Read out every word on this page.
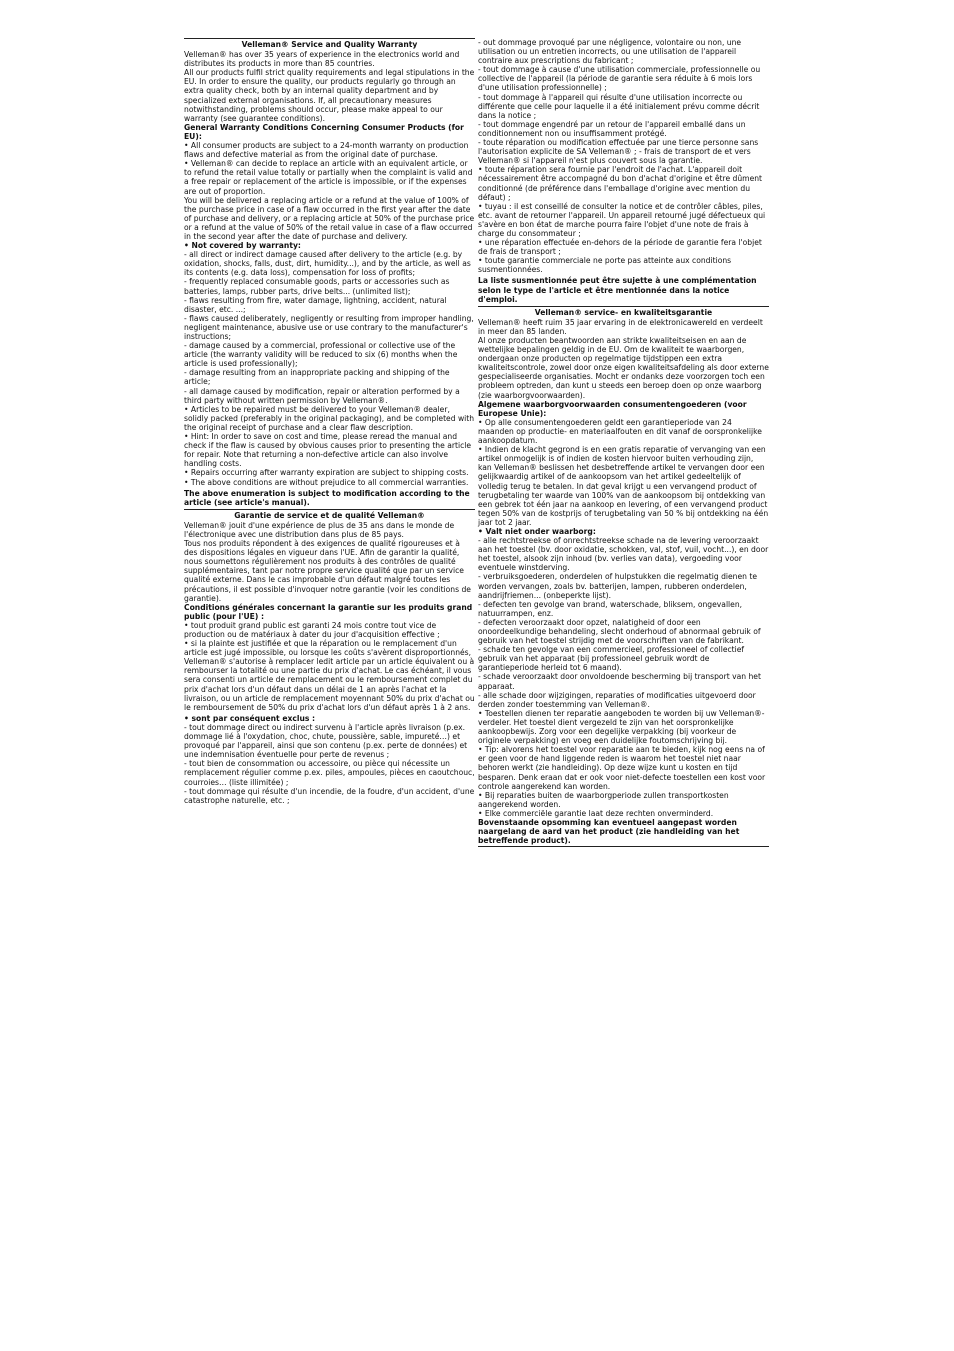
Velleman® Service and Quality Warranty

Velleman® has over 35 years of experience in the electronics world and distributes its products in more than 85 countries.

All our products fulfil strict quality requirements and legal stipulations in the EU. In order to ensure the quality, our products regularly go through an extra quality check, both by an internal quality department and by specialized external organisations. If, all precautionary measures notwithstanding, problems should occur, please make appeal to our warranty (see guarantee conditions).

General Warranty Conditions Concerning Consumer Products (for EU):

• All consumer products are subject to a 24-month warranty on production flaws and defective material as from the original date of purchase.

• Velleman® can decide to replace an article with an equivalent article, or to refund the retail value totally or partially when the complaint is valid and a free repair or replacement of the article is impossible, or if the expenses are out of proportion.

You will be delivered a replacing article or a refund at the value of 100% of the purchase price in case of a flaw occurred in the first year after the date of purchase and delivery, or a replacing article at 50% of the purchase price or a refund at the value of 50% of the retail value in case of a flaw occurred in the second year after the date of purchase and delivery.

• Not covered by warranty:

- all direct or indirect damage caused after delivery to the article (e.g. by oxidation, shocks, falls, dust, dirt, humidity...), and by the article, as well as its contents (e.g. data loss), compensation for loss of profits;

- frequently replaced consumable goods, parts or accessories such as batteries, lamps, rubber parts, drive belts... (unlimited list);

- flaws resulting from fire, water damage, lightning, accident, natural disaster, etc. ...;

- flaws caused deliberately, negligently or resulting from improper handling, negligent maintenance, abusive use or use contrary to the manufacturer's instructions;

- damage caused by a commercial, professional or collective use of the article (the warranty validity will be reduced to six (6) months when the article is used professionally);

- damage resulting from an inappropriate packing and shipping of the article;

- all damage caused by modification, repair or alteration performed by a third party without written permission by Velleman®.

• Articles to be repaired must be delivered to your Velleman® dealer, solidly packed (preferably in the original packaging), and be completed with the original receipt of purchase and a clear flaw description.

• Hint: In order to save on cost and time, please reread the manual and check if the flaw is caused by obvious causes prior to presenting the article for repair. Note that returning a non-defective article can also involve handling costs.

• Repairs occurring after warranty expiration are subject to shipping costs.

• The above conditions are without prejudice to all commercial warranties.

The above enumeration is subject to modification according to the article (see article's manual).

Garantie de service et de qualité Velleman®

Velleman® jouit d'une expérience de plus de 35 ans dans le monde de l'électronique avec une distribution dans plus de 85 pays.

Tous nos produits répondent à des exigences de qualité rigoureuses et à des dispositions légales en vigueur dans l'UE. Afin de garantir la qualité, nous soumettons régulièrement nos produits à des contrôles de qualité supplémentaires, tant par notre propre service qualité que par un service qualité externe. Dans le cas improbable d'un défaut malgré toutes les précautions, il est possible d'invoquer notre garantie (voir les conditions de garantie).

Conditions générales concernant la garantie sur les produits grand public (pour l'UE) :

• tout produit grand public est garanti 24 mois contre tout vice de production ou de matériaux à dater du jour d'acquisition effective ;

• si la plainte est justifiée et que la réparation ou le remplacement d'un article est jugé impossible, ou lorsque les coûts s'avèrent disproportionnés, Velleman® s'autorise à remplacer ledit article par un article équivalent ou à rembourser la totalité ou une partie du prix d'achat. Le cas échéant, il vous sera consenti un article de remplacement ou le remboursement complet du prix d'achat lors d'un défaut dans un délai de 1 an après l'achat et la livraison, ou un article de remplacement moyennant 50% du prix d'achat ou le remboursement de 50% du prix d'achat lors d'un défaut après 1 à 2 ans.

• sont par conséquent exclus :

- tout dommage direct ou indirect survenu à l'article après livraison (p.ex. dommage lié à l'oxydation, choc, chute, poussière, sable, impureté…) et provoqué par l'appareil, ainsi que son contenu (p.ex. perte de données) et une indemnisation éventuelle pour perte de revenus ;

- tout bien de consommation ou accessoire, ou pièce qui nécessite un remplacement régulier comme p.ex. piles, ampoules, pièces en caoutchouc, courroies… (liste illimitée) ;

- tout dommage qui résulte d'un incendie, de la foudre, d'un accident, d'une catastrophe naturelle, etc. ;

- out dommage provoqué par une négligence, volontaire ou non, une utilisation ou un entretien incorrects, ou une utilisation de l'appareil contraire aux prescriptions du fabricant ;

- tout dommage à cause d'une utilisation commerciale, professionnelle ou collective de l'appareil (la période de garantie sera réduite à 6 mois lors d'une utilisation professionnelle) ;

- tout dommage à l'appareil qui résulte d'une utilisation incorrecte ou différente que celle pour laquelle il a été initialement prévu comme décrit dans la notice ;

- tout dommage engendré par un retour de l'appareil emballé dans un conditionnement non ou insuffisamment protégé.

- toute réparation ou modification effectuée par une tierce personne sans l'autorisation explicite de SA Velleman® ; - frais de transport de et vers Velleman® si l'appareil n'est plus couvert sous la garantie.

• toute réparation sera fournie par l'endroit de l'achat. L'appareil doit nécessairement être accompagné du bon d'achat d'origine et être dûment conditionné (de préférence dans l'emballage d'origine avec mention du défaut) ;

• tuyau : il est conseillé de consulter la notice et de contrôler câbles, piles, etc. avant de retourner l'appareil. Un appareil retourné jugé défectueux qui s'avère en bon état de marche pourra faire l'objet d'une note de frais à charge du consommateur ;

• une réparation effectuée en-dehors de la période de garantie fera l'objet de frais de transport ;

• toute garantie commerciale ne porte pas atteinte aux conditions susmentionnées.

La liste susmentionnée peut être sujette à une complémentation selon le type de l'article et être mentionnée dans la notice d'emploi.

Velleman® service- en kwaliteitsgarantie

Velleman® heeft ruim 35 jaar ervaring in de elektronicawereld en verdeelt in meer dan 85 landen.

Al onze producten beantwoorden aan strikte kwaliteitseisen en aan de wettelijke bepalingen geldig in de EU. Om de kwaliteit te waarborgen, ondergaan onze producten op regelmatige tijdstippen een extra kwaliteitscontrole, zowel door onze eigen kwaliteitsafdeling als door externe gespecialiseerde organisaties. Mocht er ondanks deze voorzorgen toch een probleem optreden, dan kunt u steeds een beroep doen op onze waarborg (zie waarborgvoorwaarden).

Algemene waarborgvoorwaarden consumentengoederen (voor Europese Unie):

• Op alle consumentengoederen geldt een garantieperiode van 24 maanden op productie- en materiaalfouten en dit vanaf de oorspronkelijke aankoopdatum.

• Indien de klacht gegrond is en een gratis reparatie of vervanging van een artikel onmogelijk is of indien de kosten hiervoor buiten verhouding zijn, kan Velleman® beslissen het desbetreffende artikel te vervangen door een gelijkwaardig artikel of de aankoopsom van het artikel gedeeltelijk of volledig terug te betalen. In dat geval krijgt u een vervangend product of terugbetaling ter waarde van 100% van de aankoopsom bij ontdekking van een gebrek tot één jaar na aankoop en levering, of een vervangend product tegen 50% van de kostprijs of terugbetaling van 50 % bij ontdekking na één jaar tot 2 jaar.

• Valt niet onder waarborg:

- alle rechtstreekse of onrechtstreekse schade na de levering veroorzaakt aan het toestel (bv. door oxidatie, schokken, val, stof, vuil, vocht...), en door het toestel, alsook zijn inhoud (bv. verlies van data), vergoeding voor eventuele winstderving.

- verbruiksgoederen, onderdelen of hulpstukken die regelmatig dienen te worden vervangen, zoals bv. batterijen, lampen, rubberen onderdelen, aandrijfriemen... (onbeperkte lijst).

- defecten ten gevolge van brand, waterschade, bliksem, ongevallen, natuurrampen, enz.

- defecten veroorzaakt door opzet, nalatigheid of door een onoordeelkundige behandeling, slecht onderhoud of abnormaal gebruik of gebruik van het toestel strijdig met de voorschriften van de fabrikant.

- schade ten gevolge van een commercieel, professioneel of collectief gebruik van het apparaat (bij professioneel gebruik wordt de garantieperiode herleid tot 6 maand).

- schade veroorzaakt door onvoldoende bescherming bij transport van het apparaat.

- alle schade door wijzigingen, reparaties of modificaties uitgevoerd door derden zonder toestemming van Velleman®.

• Toestellen dienen ter reparatie aangeboden te worden bij uw Velleman®-verdeler. Het toestel dient vergezeld te zijn van het oorspronkelijke aankoopbewijs. Zorg voor een degelijke verpakking (bij voorkeur de originele verpakking) en voeg een duidelijke foutomschrijving bij.

• Tip: alvorens het toestel voor reparatie aan te bieden, kijk nog eens na of er geen voor de hand liggende reden is waarom het toestel niet naar behoren werkt (zie handleiding). Op deze wijze kunt u kosten en tijd besparen. Denk eraan dat er ook voor niet-defecte toestellen een kost voor controle aangerekend kan worden.

• Bij reparaties buiten de waarborgperiode zullen transportkosten aangerekend worden.

• Elke commerciële garantie laat deze rechten onverminderd.

Bovenstaande opsomming kan eventueel aangepast worden naargelang de aard van het product (zie handleiding van het betreffende product).
